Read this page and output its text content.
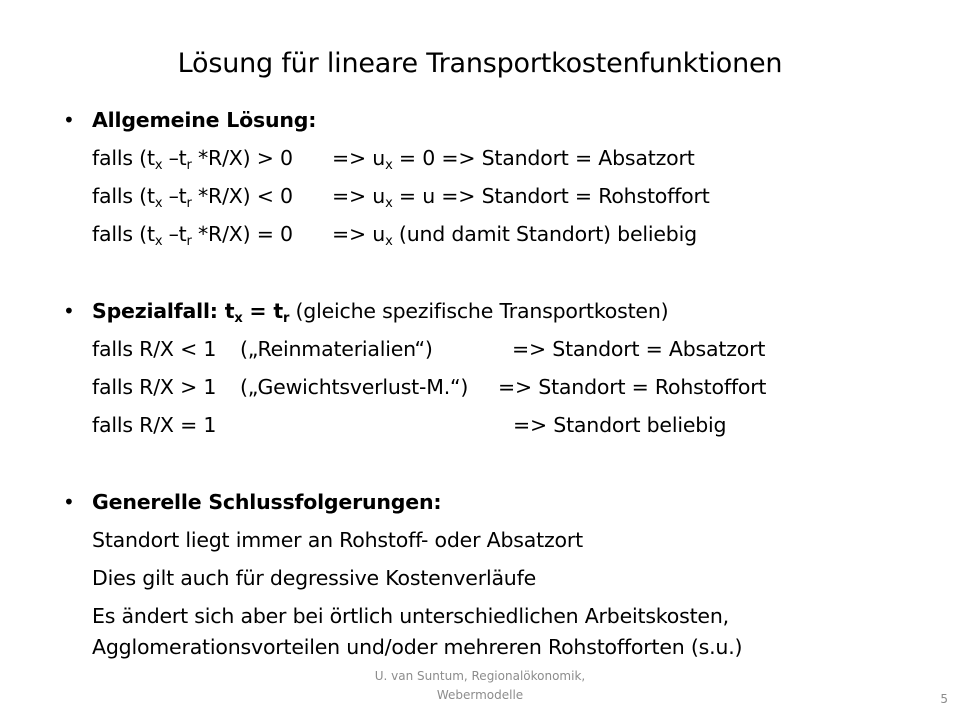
Lösung für lineare Transportkostenfunktionen
• Allgemeine Lösung:
falls ($t_x$ $-t_r$ $*R/X) > 0 => u_x = 0$ => Standort = Absatzort
falls ($t_x$ $-t_r$ $*R/X) < 0 => u_x = u$ => Standort = Rohstoffort
falls ($t_x$ $-t_r$ $*R/X) = 0 => u_x$ (und damit Standort) beliebig
• Spezialfall: $t_x = t_r$ (gleiche spezifische Transportkosten)
falls R/X < 1 („Reinmaterialien“)	=> Standort = Absatzort
falls R/X > 1 („Gewichtsverlust-M.“) => Standort = Rohstoffort
falls R/X = 1	=> Standort beliebig
• Generelle Schlussfolgerungen:
Standort liegt immer an Rohstoff- oder Absatzort
Dies gilt auch für degressive Kostenverläufe
Es ändert sich aber bei örtlich unterschiedlichen Arbeitskosten,
Agglomerationsvorteilen und/oder mehreren Rohstofforten (s.u.)
U. van Suntum, Regionalökonomik,
Webermodelle	5
